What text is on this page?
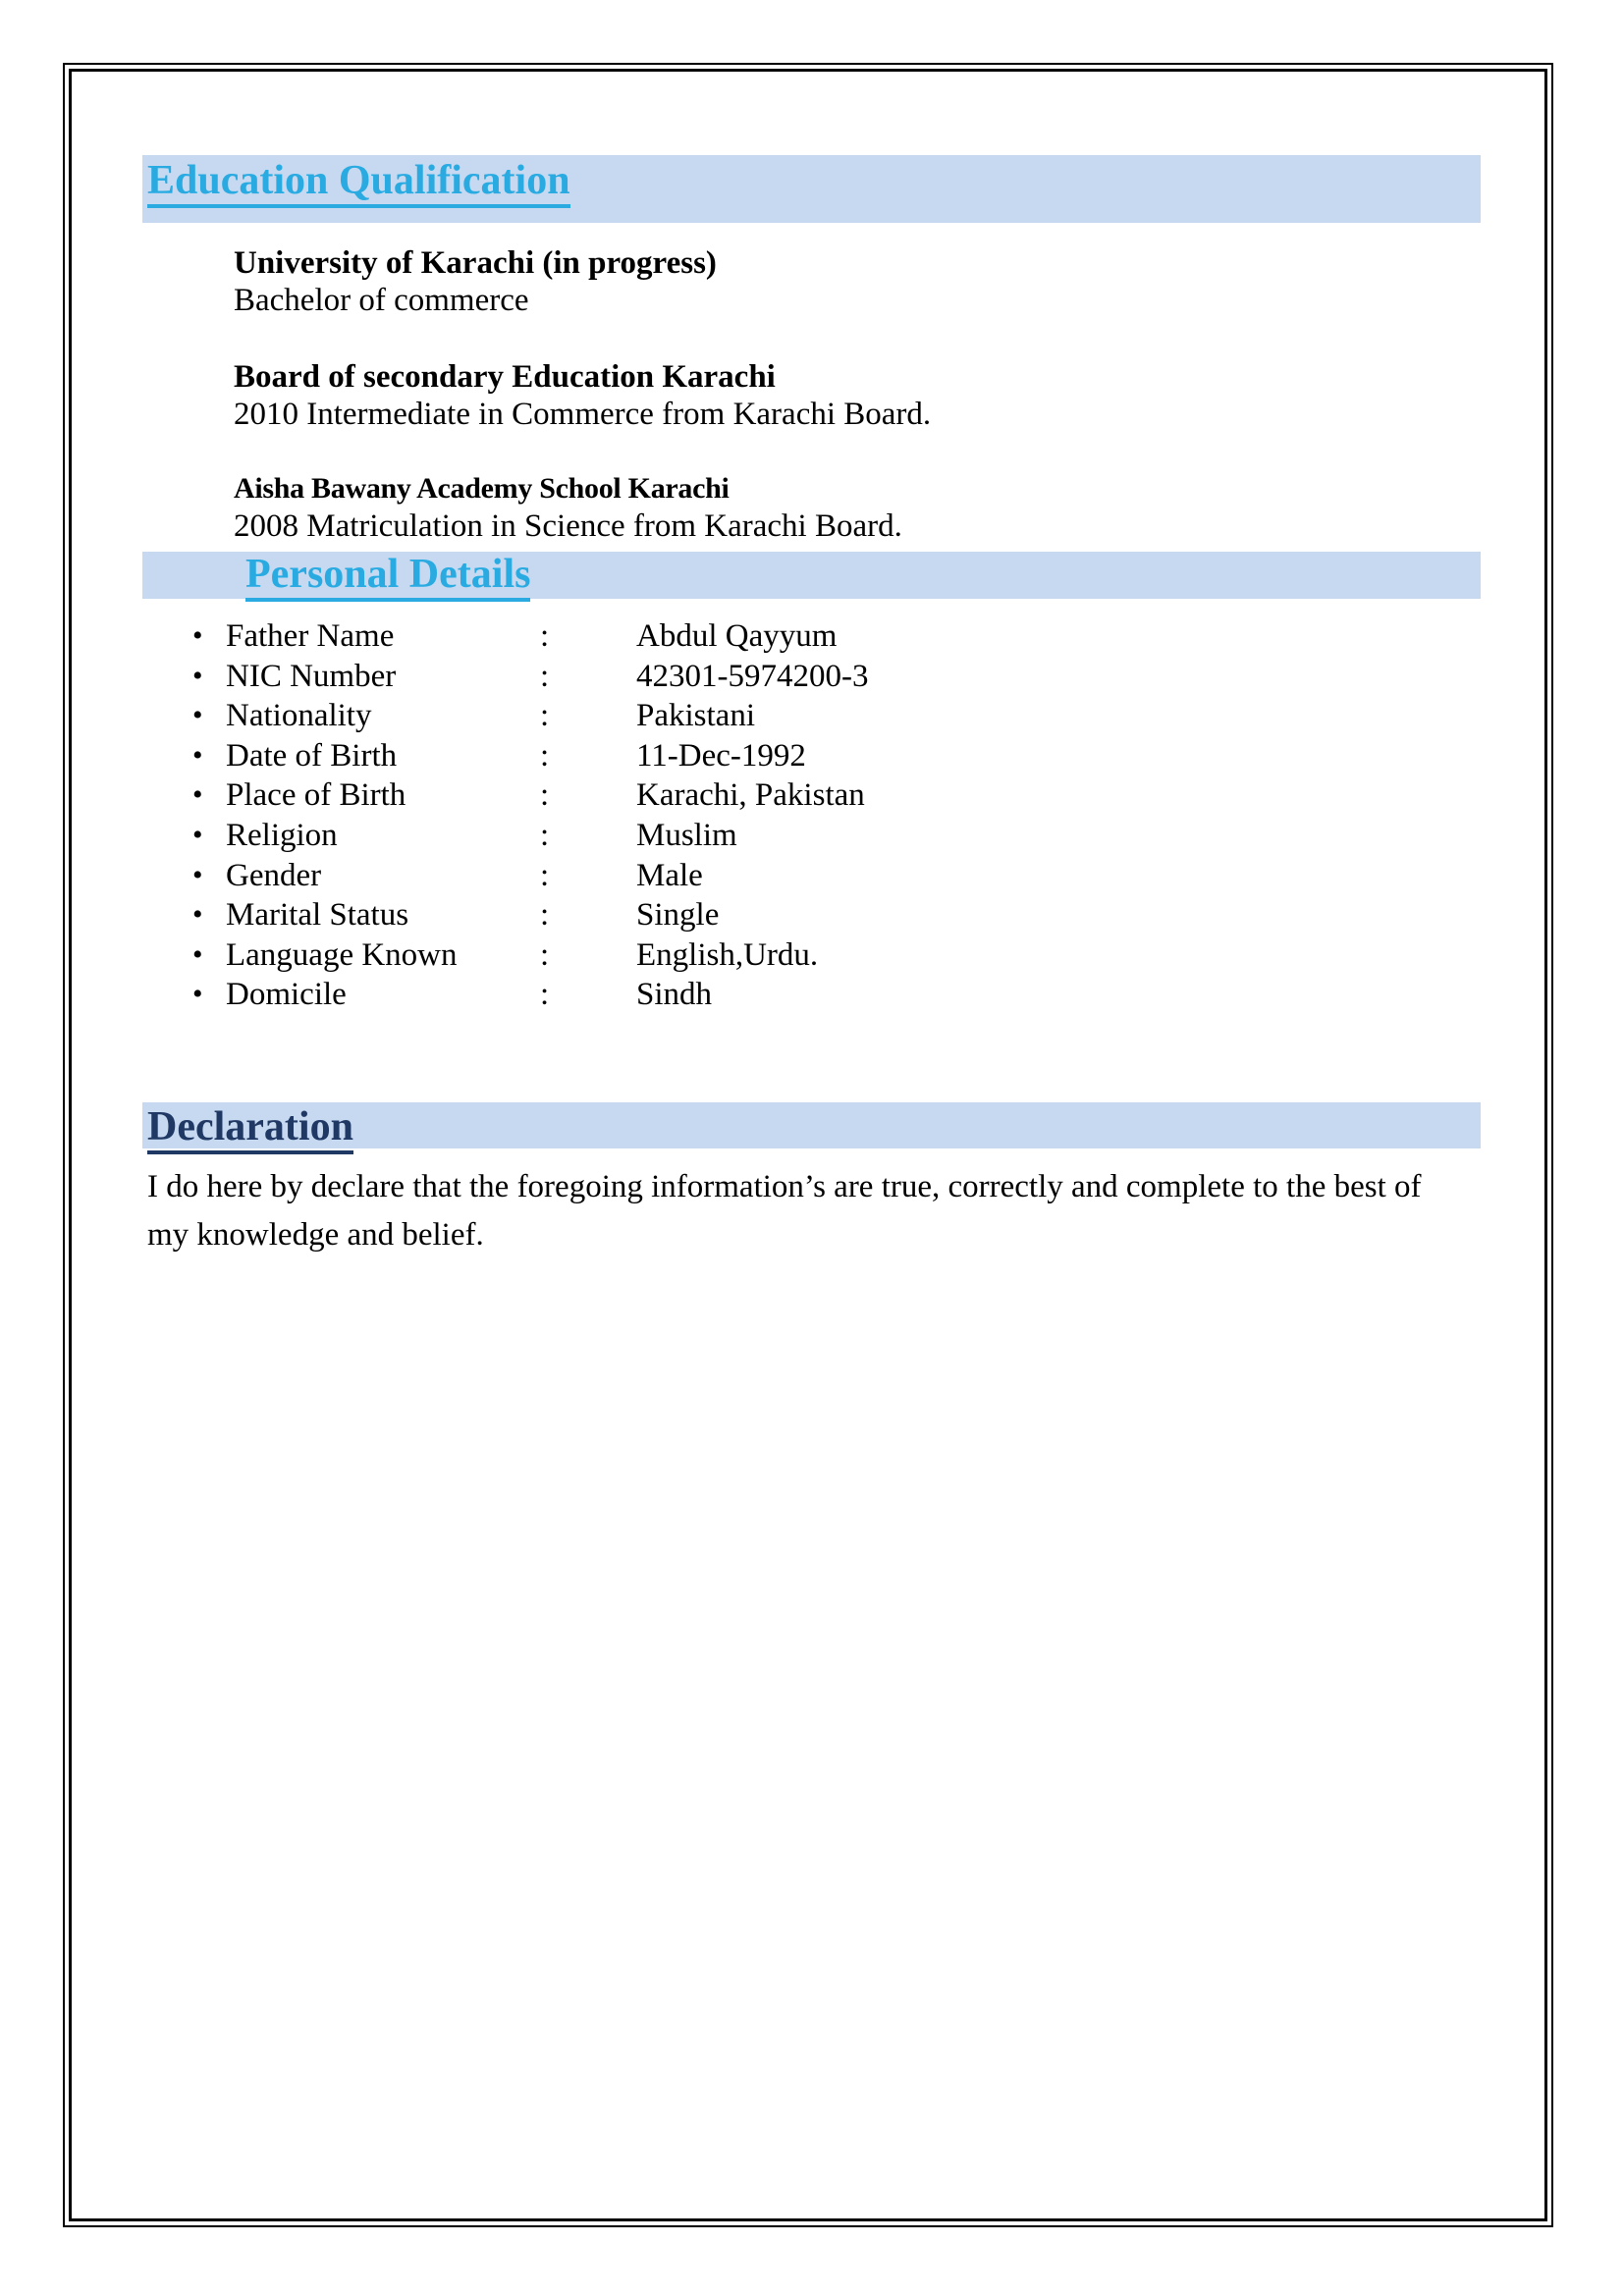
Education Qualification
University of Karachi (in progress)
Bachelor of commerce
Board of secondary Education Karachi
2010 Intermediate in Commerce from Karachi Board.
Aisha Bawany Academy School Karachi
2008 Matriculation in Science from Karachi Board.
Personal Details
• Father Name	:	Abdul Qayyum
• NIC Number	:	42301-5974200-3
• Nationality	:	Pakistani
• Date of Birth	:	11-Dec-1992
• Place of Birth	:	Karachi, Pakistan
• Religion	:	Muslim
• Gender	:	Male
• Marital Status	:	Single
• Language Known	:	English,Urdu.
• Domicile	:	Sindh
Declaration
I do here by declare that the foregoing information’s are true, correctly and complete to the best of
my knowledge and belief.
